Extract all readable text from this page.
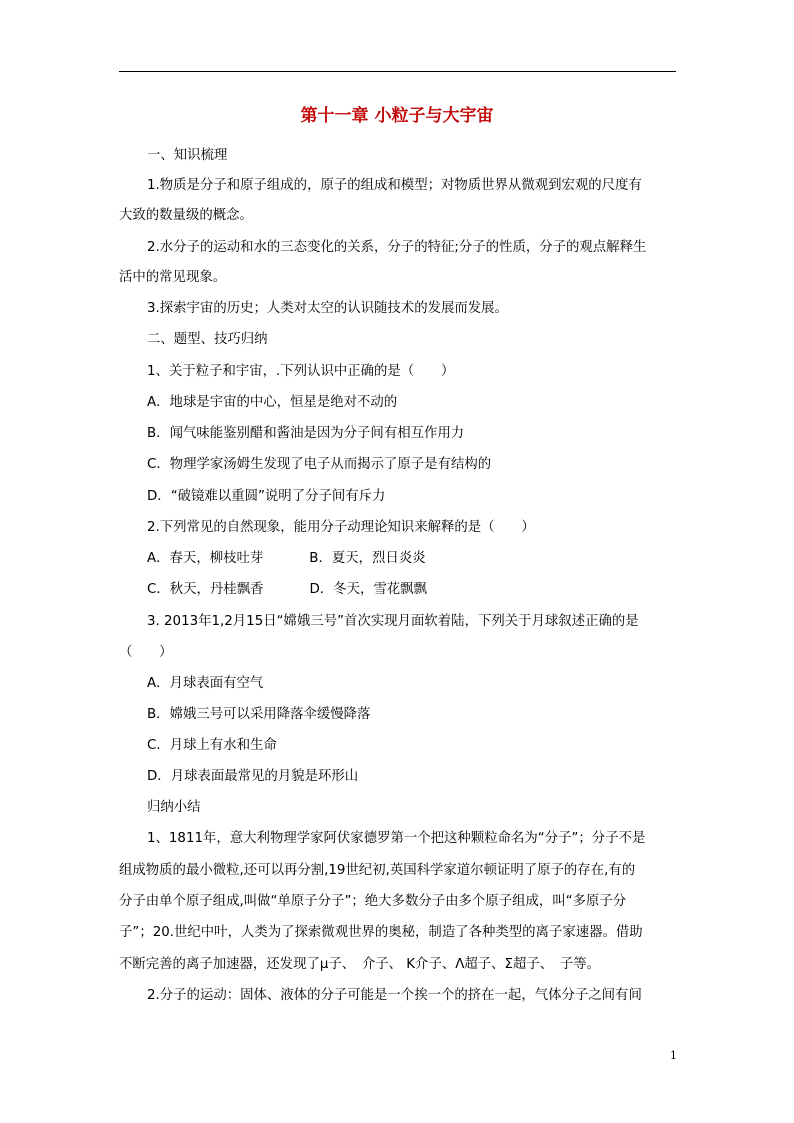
第十一章 小粒子与大宇宙
一、知识梳理
1.物质是分子和原子组成的，原子的组成和模型；对物质世界从微观到宏观的尺度有
大致的数量级的概念。
2.水分子的运动和水的三态变化的关系，分子的特征;分子的性质，分子的观点解释生
活中的常见现象。
3.探索宇宙的历史；人类对太空的认识随技术的发展而发展。
二、题型、技巧归纳
1、关于粒子和宇宙，.下列认识中正确的是（　　）
A．地球是宇宙的中心，恒星是绝对不动的
B．闻气味能鉴别醋和酱油是因为分子间有相互作用力
C．物理学家汤姆生发现了电子从而揭示了原子是有结构的
D．“破镜难以重圆”说明了分子间有斥力
2.下列常见的自然现象，能用分子动理论知识来解释的是（　　）
A．春天，柳枝吐芽	B．夏天，烈日炎炎
C．秋天，丹桂飘香	D．冬天，雪花飘飘
3. 2013年1,2月15日“嫦娥三号”首次实现月面软着陆，下列关于月球叙述正确的是
（　　）
A．月球表面有空气
B．嫦娥三号可以采用降落伞缓慢降落
C．月球上有水和生命
D．月球表面最常见的月貌是环形山
归纳小结
1、1811年，意大利物理学家阿伏家德罗第一个把这种颗粒命名为“分子”；分子不是
组成物质的最小微粒,还可以再分割,19世纪初,英国科学家道尔顿证明了原子的存在,有的
分子由单个原子组成,叫做“单原子分子”；绝大多数分子由多个原子组成，叫“多原子分
子”；20.世纪中叶，人类为了探索微观世界的奥秘，制造了各种类型的离子家速器。借助
不断完善的离子加速器，还发现了μ子、　介子、 K介子、Λ超子、Σ超子、　子等。
2.分子的运动：固体、液体的分子可能是一个挨一个的挤在一起，气体分子之间有间
1
